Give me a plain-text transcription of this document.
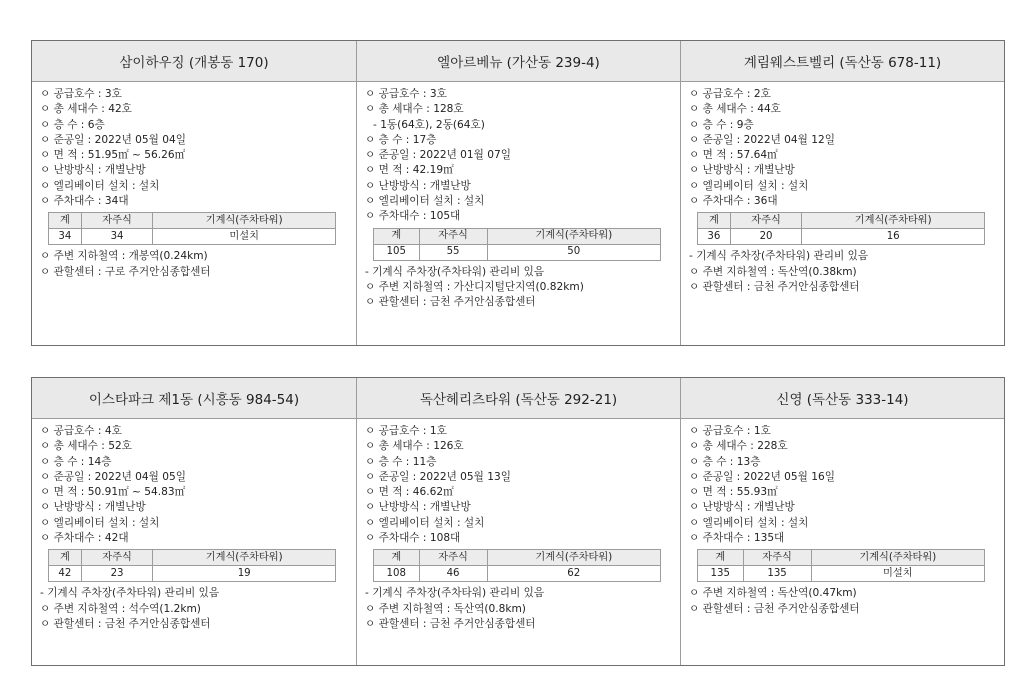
삼이하우징 (개봉동 170)
ㅇ 공급호수 : 3호
ㅇ 총 세대수 : 42호
ㅇ 층 수 : 6층
ㅇ 준공일 : 2022년 05월 04일
ㅇ 면 적 : 51.95㎡ ~ 56.26㎡
ㅇ 난방방식 : 개별난방
ㅇ 엘리베이터 설치 : 설치
ㅇ 주차대수 : 34대
계	자주식	기계식(주차타워)
34	34	미설치
ㅇ 주변 지하철역 : 개봉역(0.24km)
ㅇ 관할센터 : 구로 주거안심종합센터
엘아르베뉴 (가산동 239-4)
ㅇ 공급호수 : 3호
ㅇ 총 세대수 : 128호
- 1동(64호), 2동(64호)
ㅇ 층 수 : 17층
ㅇ 준공일 : 2022년 01월 07일
ㅇ 면 적 : 42.19㎡
ㅇ 난방방식 : 개별난방
ㅇ 엘리베이터 설치 : 설치
ㅇ 주차대수 : 105대
계	자주식	기계식(주차타워)
105	55	50
- 기계식 주차장(주차타워) 관리비 있음
ㅇ 주변 지하철역 : 가산디지털단지역(0.82km)
ㅇ 관할센터 : 금천 주거안심종합센터
계림웨스트벨리 (독산동 678-11)
ㅇ 공급호수 : 2호
ㅇ 총 세대수 : 44호
ㅇ 층 수 : 9층
ㅇ 준공일 : 2022년 04월 12일
ㅇ 면 적 : 57.64㎡
ㅇ 난방방식 : 개별난방
ㅇ 엘리베이터 설치 : 설치
ㅇ 주차대수 : 36대
계	자주식	기계식(주차타워)
36	20	16
- 기계식 주차장(주차타워) 관리비 있음
ㅇ 주변 지하철역 : 독산역(0.38km)
ㅇ 관할센터 : 금천 주거안심종합센터
이스타파크 제1동 (시흥동 984-54)
ㅇ 공급호수 : 4호
ㅇ 총 세대수 : 52호
ㅇ 층 수 : 14층
ㅇ 준공일 : 2022년 04월 05일
ㅇ 면 적 : 50.91㎡ ~ 54.83㎡
ㅇ 난방방식 : 개별난방
ㅇ 엘리베이터 설치 : 설치
ㅇ 주차대수 : 42대
계	자주식	기계식(주차타워)
42	23	19
- 기계식 주차장(주차타워) 관리비 있음
ㅇ 주변 지하철역 : 석수역(1.2km)
ㅇ 관할센터 : 금천 주거안심종합센터
독산헤리츠타워 (독산동 292-21)
ㅇ 공급호수 : 1호
ㅇ 총 세대수 : 126호
ㅇ 층 수 : 11층
ㅇ 준공일 : 2022년 05월 13일
ㅇ 면 적 : 46.62㎡
ㅇ 난방방식 : 개별난방
ㅇ 엘리베이터 설치 : 설치
ㅇ 주차대수 : 108대
계	자주식	기계식(주차타워)
108	46	62
- 기계식 주차장(주차타워) 관리비 있음
ㅇ 주변 지하철역 : 독산역(0.8km)
ㅇ 관할센터 : 금천 주거안심종합센터
신영 (독산동 333-14)
ㅇ 공급호수 : 1호
ㅇ 총 세대수 : 228호
ㅇ 층 수 : 13층
ㅇ 준공일 : 2022년 05월 16일
ㅇ 면 적 : 55.93㎡
ㅇ 난방방식 : 개별난방
ㅇ 엘리베이터 설치 : 설치
ㅇ 주차대수 : 135대
계	자주식	기계식(주차타워)
135	135	미설치
ㅇ 주변 지하철역 : 독산역(0.47km)
ㅇ 관할센터 : 금천 주거안심종합센터
